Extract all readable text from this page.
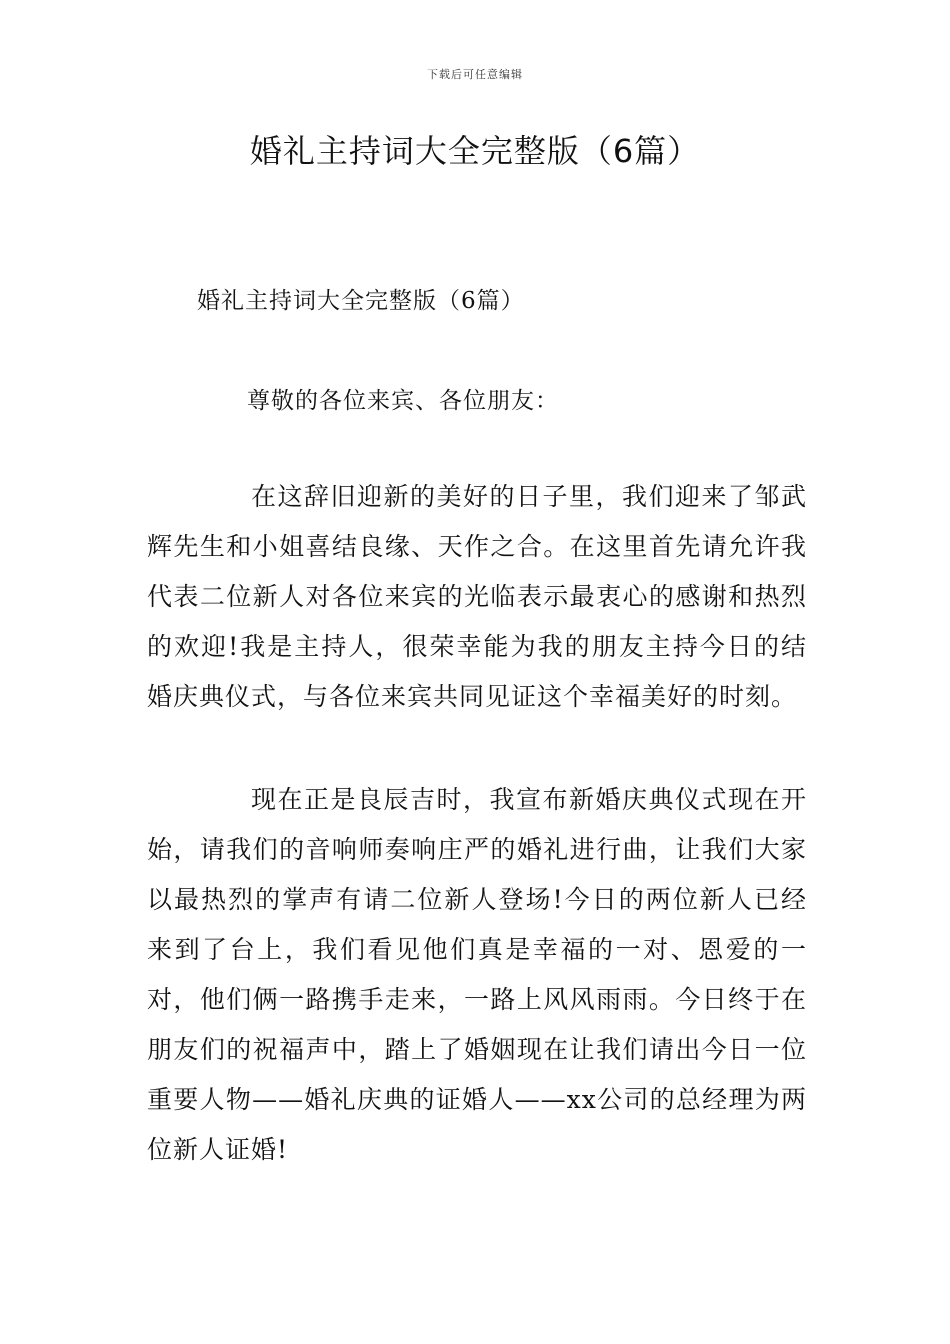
下载后可任意编辑
婚礼主持词大全完整版（6篇）
婚礼主持词大全完整版（6篇）
尊敬的各位来宾、各位朋友：

在这辞旧迎新的美好的日子里，我们迎来了邹武辉先生和小姐喜结良缘、天作之合。在这里首先请允许我代表二位新人对各位来宾的光临表示最衷心的感谢和热烈的欢迎!我是主持人，很荣幸能为我的朋友主持今日的结婚庆典仪式，与各位来宾共同见证这个幸福美好的时刻。

现在正是良辰吉时，我宣布新婚庆典仪式现在开始，请我们的音响师奏响庄严的婚礼进行曲，让我们大家以最热烈的掌声有请二位新人登场!今日的两位新人已经来到了台上，我们看见他们真是幸福的一对、恩爱的一对，他们俩一路携手走来，一路上风风雨雨。今日终于在朋友们的祝福声中，踏上了婚姻现在让我们请出今日一位重要人物——婚礼庆典的证婚人——xx公司的总经理为两位新人证婚!
